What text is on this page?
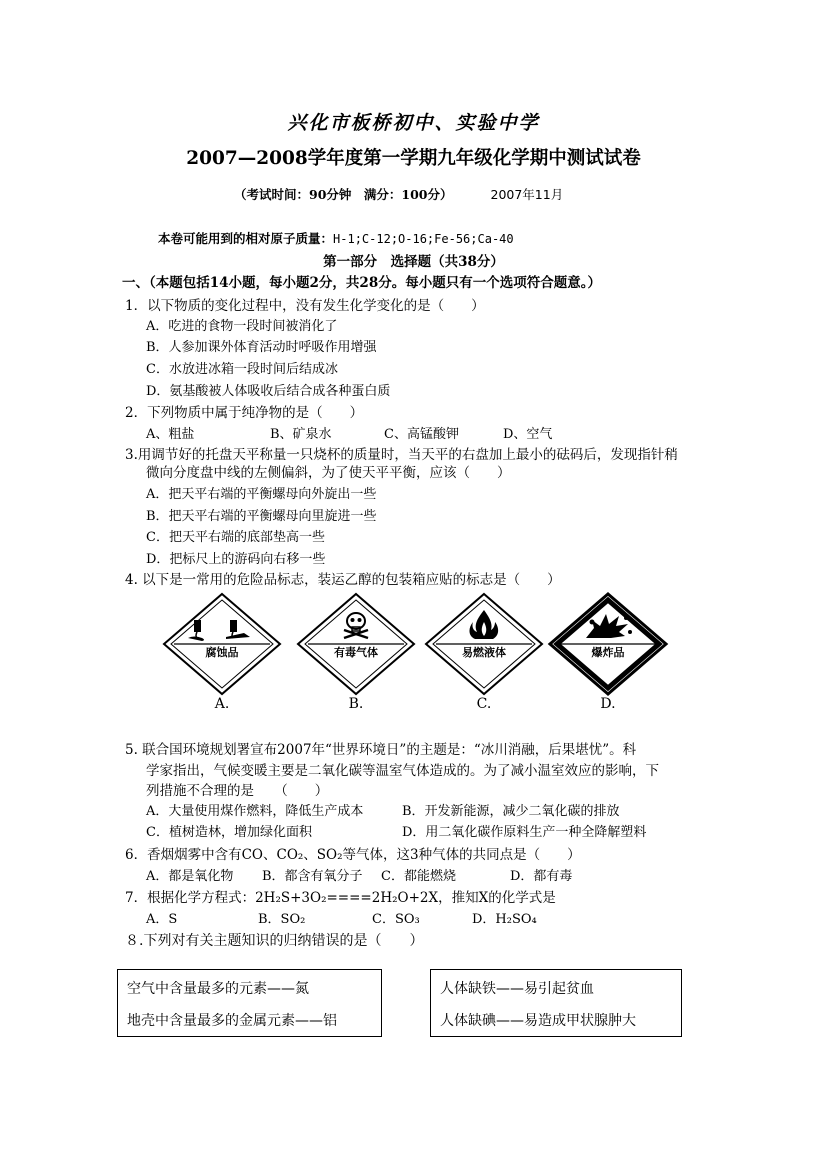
兴化市板桥初中、实验中学
2007—2008学年度第一学期九年级化学期中测试试卷
（考试时间：90分钟　满分：100分）	2007年11月
本卷可能用到的相对原子质量：H-1;C-12;O-16;Fe-56;Ca-40
第一部分　选择题（共38分）
一、（本题包括14小题，每小题2分，共28分。每小题只有一个选项符合题意。）
1．以下物质的变化过程中，没有发生化学变化的是（　　）
A．吃进的食物一段时间被消化了
B．人参加课外体育活动时呼吸作用增强
C．水放进冰箱一段时间后结成冰
D．氨基酸被人体吸收后结合成各种蛋白质
2．下列物质中属于纯净物的是（　　）
A、粗盐	B、矿泉水	C、高锰酸钾	D、空气
3.用调节好的托盘天平称量一只烧杯的质量时，当天平的右盘加上最小的砝码后，发现指针稍
微向分度盘中线的左侧偏斜，为了使天平平衡，应该（　　）
A．把天平右端的平衡螺母向外旋出一些
B．把天平右端的平衡螺母向里旋进一些
C．把天平右端的底部垫高一些
D．把标尺上的游码向右移一些
4. 以下是一常用的危险品标志，装运乙醇的包装箱应贴的标志是（　　）
腐蚀品
A.
有毒气体
B.
易燃液体
C.
爆炸品
D.
5. 联合国环境规划署宣布2007年“世界环境日”的主题是：“冰川消融，后果堪忧”。科
学家指出，气候变暖主要是二氧化碳等温室气体造成的。为了减小温室效应的影响，下
列措施不合理的是　　（　　）
A．大量使用煤作燃料，降低生产成本	B．开发新能源，减少二氧化碳的排放
C．植树造林，增加绿化面积	D．用二氧化碳作原料生产一种全降解塑料
6．香烟烟雾中含有CO、CO₂、SO₂等气体，这3种气体的共同点是（　　）
A．都是氧化物 B．都含有氧分子 C．都能燃烧	D．都有毒
7．根据化学方程式：2H₂S+3O₂====2H₂O+2X，推知X的化学式是
A．S	B．SO₂	C．SO₃	D．H₂SO₄
８.下列对有关主题知识的归纳错误的是（　　）
空气中含量最多的元素——氮
地壳中含量最多的金属元素——铝
人体缺铁——易引起贫血
人体缺碘——易造成甲状腺肿大
